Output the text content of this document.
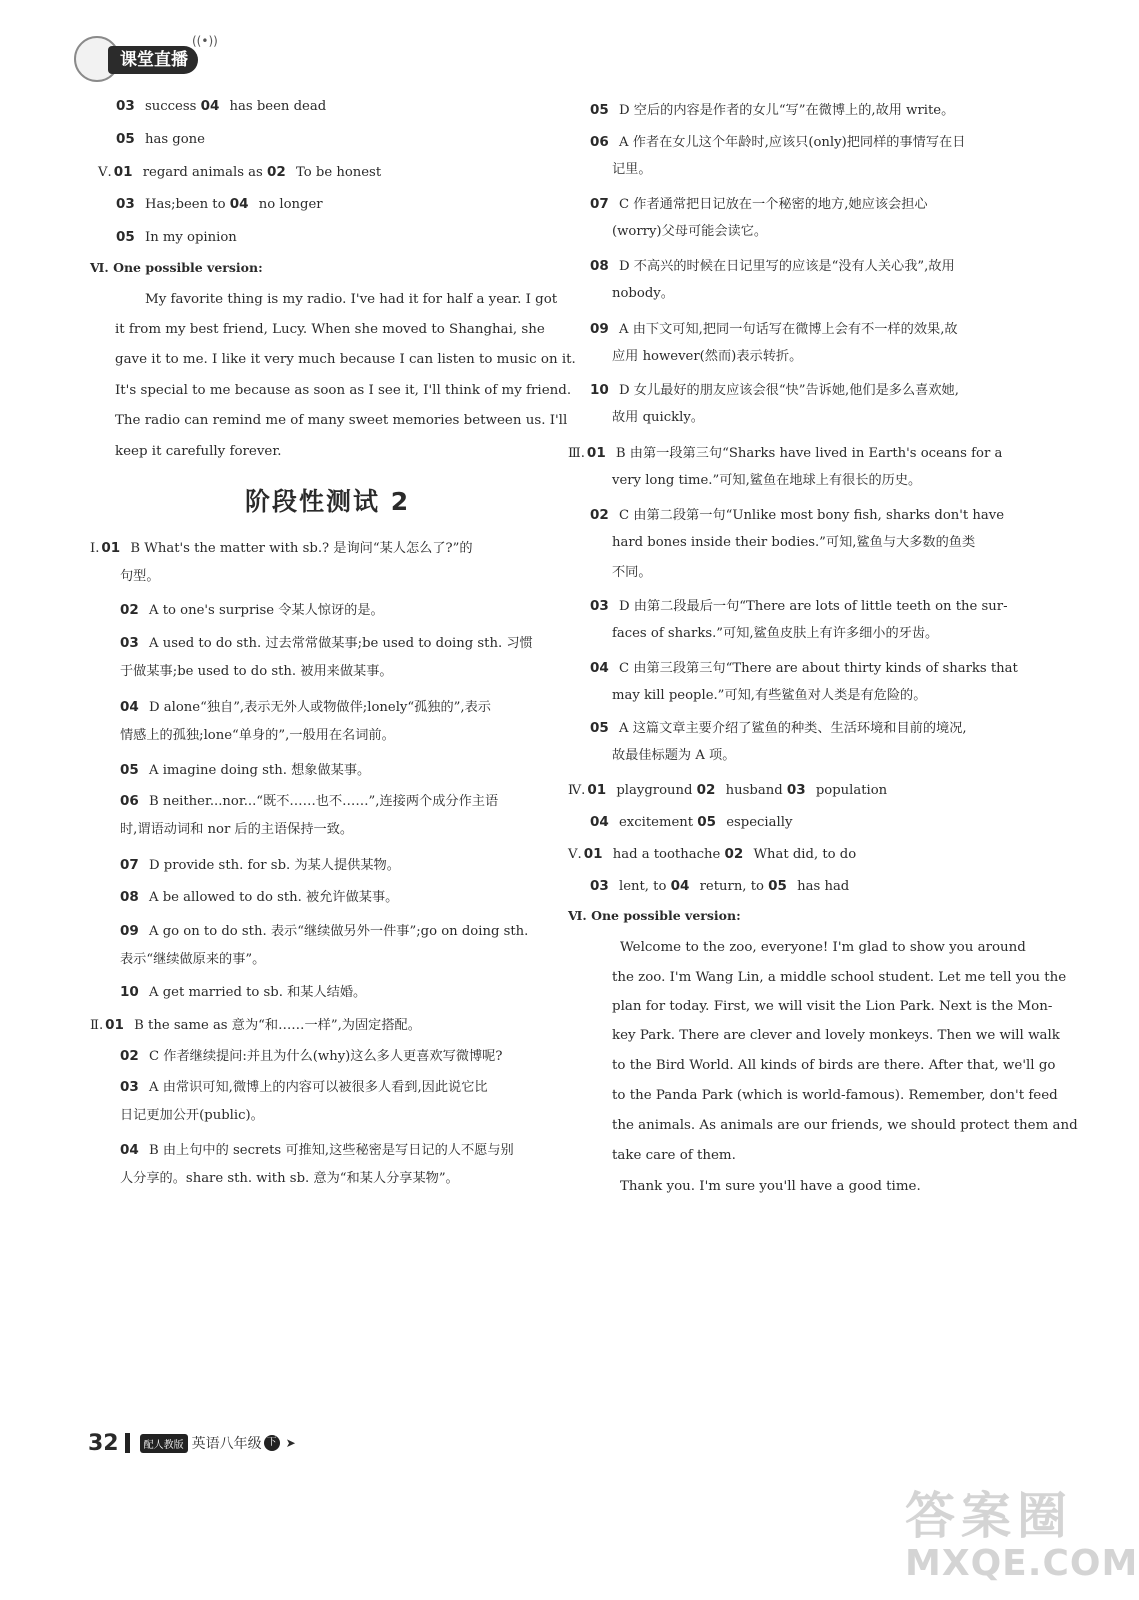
课堂直播
((•))
03 success 04 has been dead
05 has gone
Ⅴ. 01 regard animals as 02 To be honest
03 Has;been to 04 no longer
05 In my opinion
Ⅵ. One possible version:
My favorite thing is my radio. I've had it for half a year. I got
it from my best friend, Lucy. When she moved to Shanghai, she
gave it to me. I like it very much because I can listen to music on it.
It's special to me because as soon as I see it, I'll think of my friend.
The radio can remind me of many sweet memories between us. I'll
keep it carefully forever.
Ⅰ. 01 B What's the matter with sb.? 是询问“某人怎么了?”的
句型。
02 A to one's surprise 令某人惊讶的是。
03 A used to do sth. 过去常常做某事;be used to doing sth. 习惯
于做某事;be used to do sth. 被用来做某事。
04 D alone“独自”,表示无外人或物做伴;lonely“孤独的”,表示
情感上的孤独;lone“单身的”,一般用在名词前。
05 A imagine doing sth. 想象做某事。
06 B neither...nor...“既不……也不……”,连接两个成分作主语
时,谓语动词和 nor 后的主语保持一致。
07 D provide sth. for sb. 为某人提供某物。
08 A be allowed to do sth. 被允许做某事。
09 A go on to do sth. 表示“继续做另外一件事”;go on doing sth.
表示“继续做原来的事”。
10 A get married to sb. 和某人结婚。
Ⅱ. 01 B the same as 意为“和……一样”,为固定搭配。
02 C 作者继续提问:并且为什么(why)这么多人更喜欢写微博呢?
03 A 由常识可知,微博上的内容可以被很多人看到,因此说它比
日记更加公开(public)。
04 B 由上句中的 secrets 可推知,这些秘密是写日记的人不愿与别
人分享的。share sth. with sb. 意为“和某人分享某物”。
阶段性测试 2
05 D 空后的内容是作者的女儿“写”在微博上的,故用 write。
06 A 作者在女儿这个年龄时,应该只(only)把同样的事情写在日
记里。
07 C 作者通常把日记放在一个秘密的地方,她应该会担心
(worry)父母可能会读它。
08 D 不高兴的时候在日记里写的应该是“没有人关心我”,故用
nobody。
09 A 由下文可知,把同一句话写在微博上会有不一样的效果,故
应用 however(然而)表示转折。
10 D 女儿最好的朋友应该会很“快”告诉她,他们是多么喜欢她,
故用 quickly。
Ⅲ. 01 B 由第一段第三句“Sharks have lived in Earth's oceans for a
very long time.”可知,鲨鱼在地球上有很长的历史。
02 C 由第二段第一句“Unlike most bony fish, sharks don't have
hard bones inside their bodies.”可知,鲨鱼与大多数的鱼类
不同。
03 D 由第二段最后一句“There are lots of little teeth on the sur-
faces of sharks.”可知,鲨鱼皮肤上有许多细小的牙齿。
04 C 由第三段第三句“There are about thirty kinds of sharks that
may kill people.”可知,有些鲨鱼对人类是有危险的。
05 A 这篇文章主要介绍了鲨鱼的种类、生活环境和目前的境况,
故最佳标题为 A 项。
Ⅳ. 01 playground 02 husband 03 population
04 excitement 05 especially
Ⅴ. 01 had a toothache 02 What did, to do
03 lent, to 04 return, to 05 has had
Ⅵ. One possible version:
Welcome to the zoo, everyone! I'm glad to show you around
the zoo. I'm Wang Lin, a middle school student. Let me tell you the
plan for today. First, we will visit the Lion Park. Next is the Mon-
key Park. There are clever and lovely monkeys. Then we will walk
to the Bird World. All kinds of birds are there. After that, we'll go
to the Panda Park (which is world-famous). Remember, don't feed
the animals. As animals are our friends, we should protect them and
take care of them.
Thank you. I'm sure you'll have a good time.
32	配人教版 英语八年级 下 ➤
答案圈
MXQE.COM
